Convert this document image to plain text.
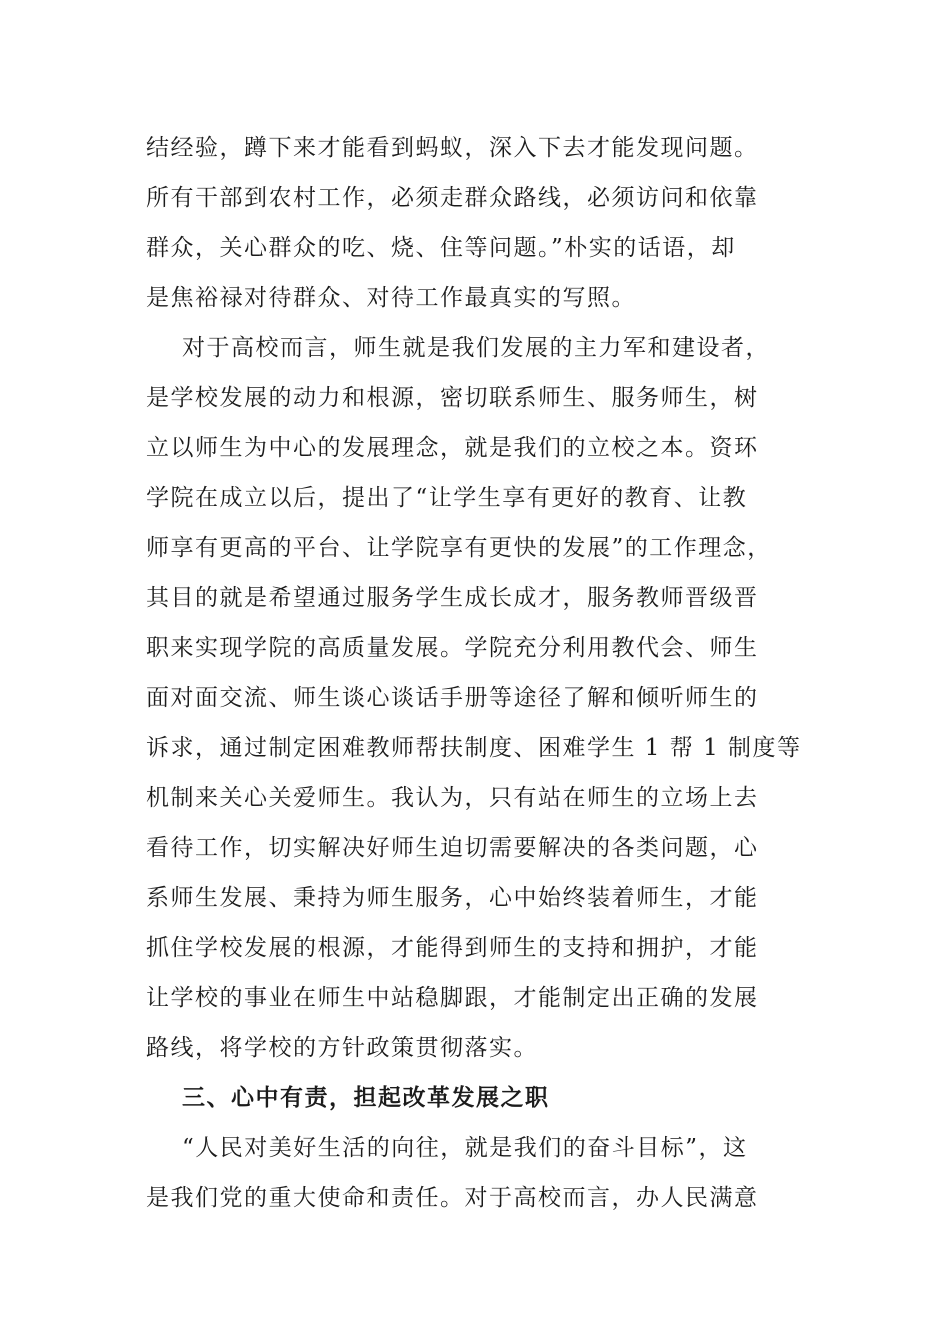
结经验，蹲下来才能看到蚂蚁，深入下去才能发现问题。
所有干部到农村工作，必须走群众路线，必须访问和依靠
群众，关心群众的吃、烧、住等问题。”朴实的话语，却
是焦裕禄对待群众、对待工作最真实的写照。
对于高校而言，师生就是我们发展的主力军和建设者，
是学校发展的动力和根源，密切联系师生、服务师生，树
立以师生为中心的发展理念，就是我们的立校之本。资环
学院在成立以后，提出了“让学生享有更好的教育、让教
师享有更高的平台、让学院享有更快的发展”的工作理念，
其目的就是希望通过服务学生成长成才，服务教师晋级晋
职来实现学院的高质量发展。学院充分利用教代会、师生
面对面交流、师生谈心谈话手册等途径了解和倾听师生的
诉求，通过制定困难教师帮扶制度、困难学生 1 帮 1 制度等
机制来关心关爱师生。我认为，只有站在师生的立场上去
看待工作，切实解决好师生迫切需要解决的各类问题，心
系师生发展、秉持为师生服务，心中始终装着师生，才能
抓住学校发展的根源，才能得到师生的支持和拥护，才能
让学校的事业在师生中站稳脚跟，才能制定出正确的发展
路线，将学校的方针政策贯彻落实。
三、心中有责，担起改革发展之职
“人民对美好生活的向往，就是我们的奋斗目标”，这
是我们党的重大使命和责任。对于高校而言，办人民满意
